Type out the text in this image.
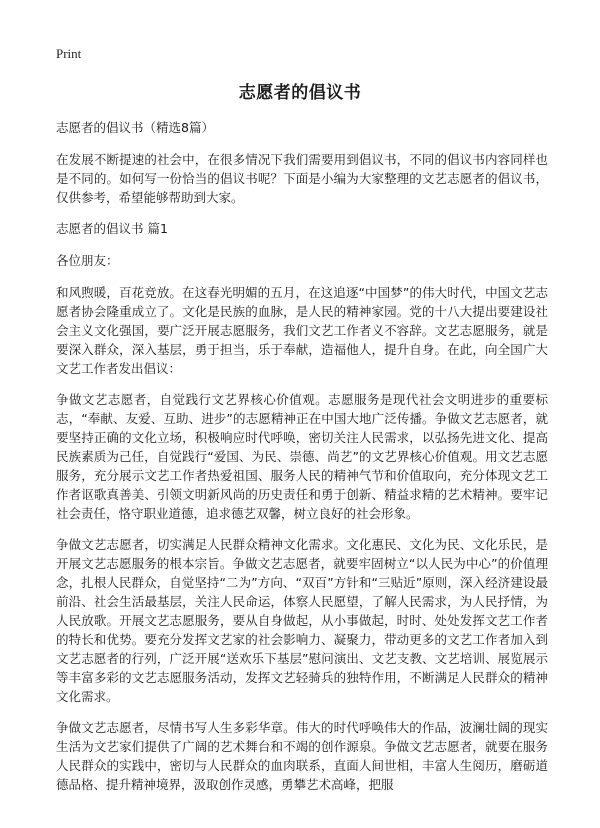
Print
志愿者的倡议书

志愿者的倡议书（精选8篇）

在发展不断提速的社会中，在很多情况下我们需要用到倡议书，不同的倡议书内容同样也是不同的。如何写一份恰当的倡议书呢？下面是小编为大家整理的文艺志愿者的倡议书，仅供参考，希望能够帮助到大家。

志愿者的倡议书 篇1

各位朋友：

和风煦暖，百花竞放。在这春光明媚的五月，在这追逐“中国梦”的伟大时代，中国文艺志愿者协会隆重成立了。文化是民族的血脉，是人民的精神家园。党的十八大提出要建设社会主义文化强国，要广泛开展志愿服务，我们文艺工作者义不容辞。文艺志愿服务，就是要深入群众，深入基层，勇于担当，乐于奉献，造福他人，提升自身。在此，向全国广大文艺工作者发出倡议：

争做文艺志愿者，自觉践行文艺界核心价值观。志愿服务是现代社会文明进步的重要标志，“奉献、友爱、互助、进步”的志愿精神正在中国大地广泛传播。争做文艺志愿者，就要坚持正确的文化立场，积极响应时代呼唤，密切关注人民需求，以弘扬先进文化、提高民族素质为己任，自觉践行“爱国、为民、崇德、尚艺”的文艺界核心价值观。用文艺志愿服务，充分展示文艺工作者热爱祖国、服务人民的精神气节和价值取向，充分体现文艺工作者讴歌真善美、引领文明新风尚的历史责任和勇于创新、精益求精的艺术精神。要牢记社会责任，恪守职业道德，追求德艺双馨，树立良好的社会形象。

争做文艺志愿者，切实满足人民群众精神文化需求。文化惠民、文化为民、文化乐民，是开展文艺志愿服务的根本宗旨。争做文艺志愿者，就要牢固树立“以人民为中心”的价值理念，扎根人民群众，自觉坚持“二为”方向、“双百”方针和“三贴近”原则，深入经济建设最前沿、社会生活最基层，关注人民命运，体察人民愿望，了解人民需求，为人民抒情，为人民放歌。开展文艺志愿服务，要从自身做起，从小事做起，时时、处处发挥文艺工作者的特长和优势。要充分发挥文艺家的社会影响力、凝聚力，带动更多的文艺工作者加入到文艺志愿者的行列，广泛开展“送欢乐下基层”慰问演出、文艺支教、文艺培训、展览展示等丰富多彩的文艺志愿服务活动，发挥文艺轻骑兵的独特作用，不断满足人民群众的精神文化需求。

争做文艺志愿者，尽情书写人生多彩华章。伟大的时代呼唤伟大的作品，波澜壮阔的现实生活为文艺家们提供了广阔的艺术舞台和不竭的创作源泉。争做文艺志愿者，就要在服务人民群众的实践中，密切与人民群众的血肉联系，直面人间世相，丰富人生阅历，磨砺道德品格、提升精神境界，汲取创作灵感，勇攀艺术高峰，把服
